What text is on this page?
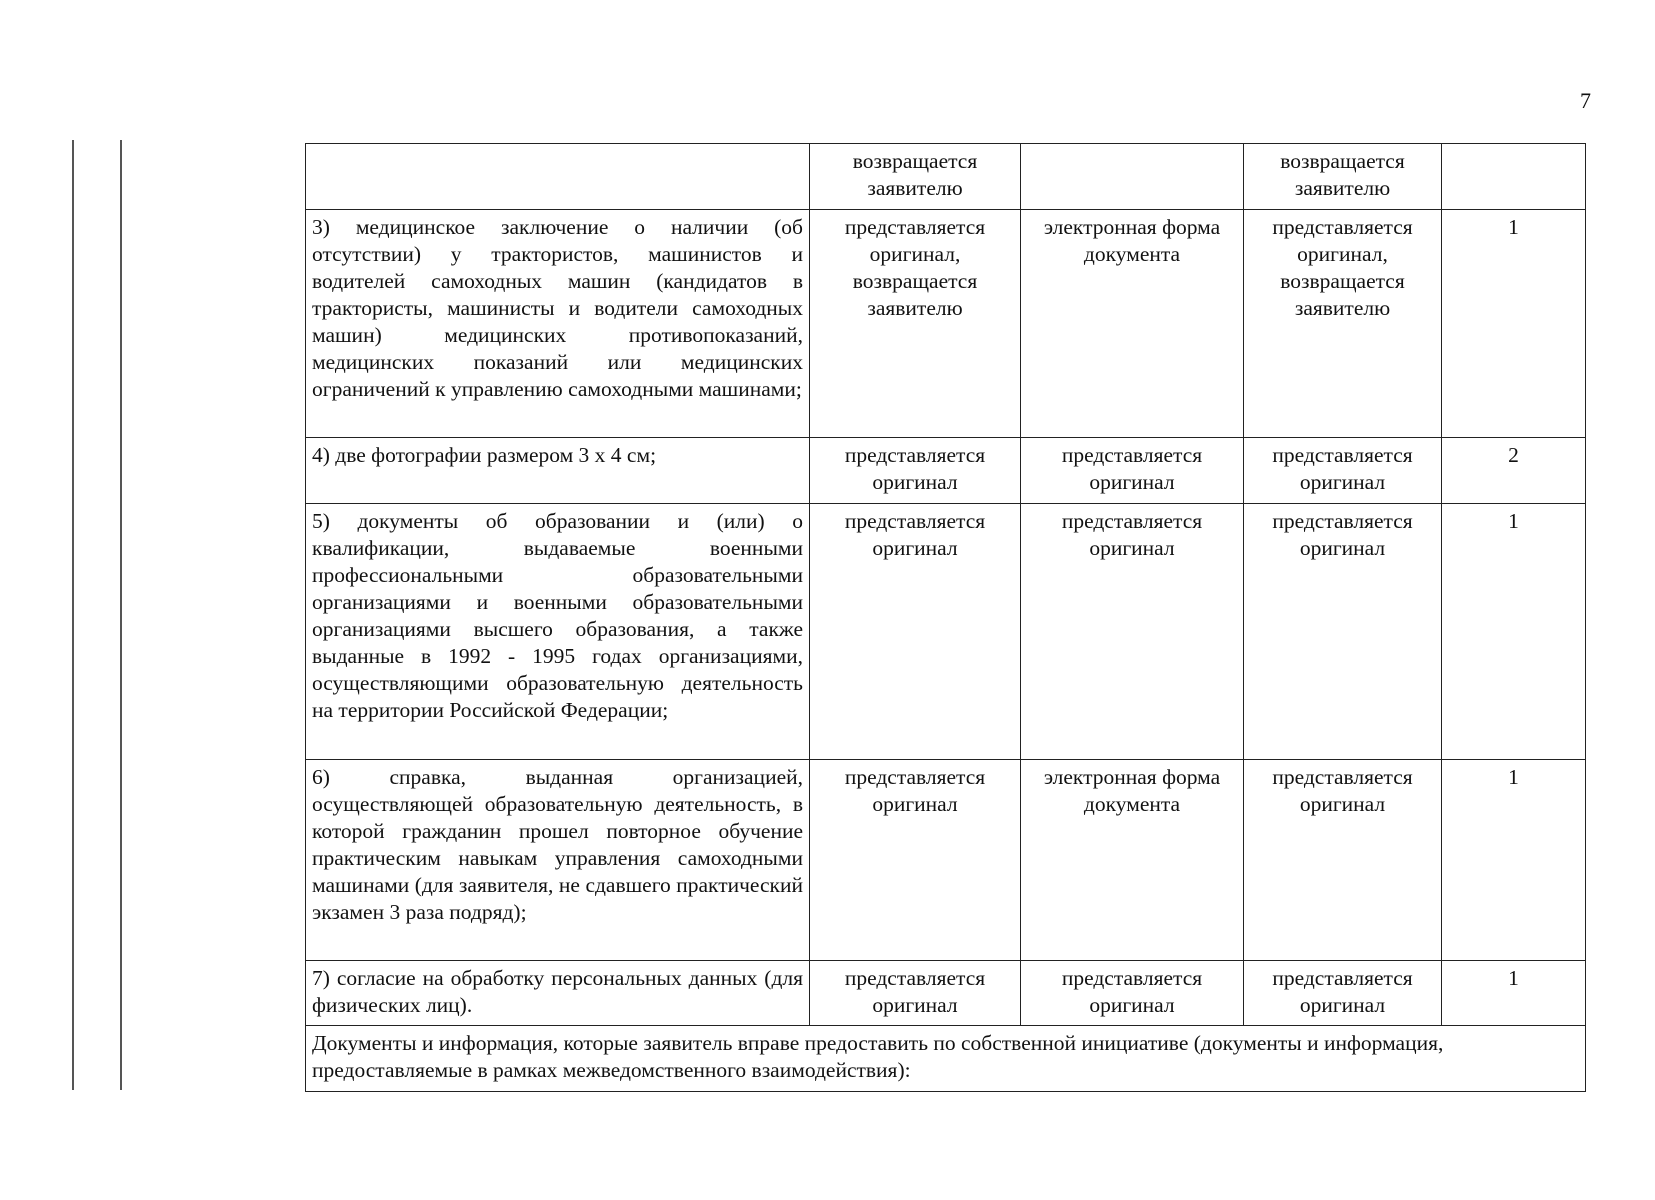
7
	возвращается заявителю		возвращается заявителю	
3) медицинское заключение о наличии (об отсутствии) у трактористов, машинистов и водителей самоходных машин (кандидатов в трактористы, машинисты и водители самоходных машин) медицинских противопоказаний, медицинских показаний или медицинских ограничений к управлению самоходными машинами;	представляется оригинал, возвращается заявителю	электронная форма документа	представляется оригинал, возвращается заявителю	1
4) две фотографии размером 3 х 4 см;	представляется оригинал	представляется оригинал	представляется оригинал	2
5) документы об образовании и (или) о квалификации, выдаваемые военными профессиональными образовательными организациями и военными образовательными организациями высшего образования, а также выданные в 1992 - 1995 годах организациями, осуществляющими образовательную деятельность на территории Российской Федерации;	представляется оригинал	представляется оригинал	представляется оригинал	1
6) справка, выданная организацией, осуществляющей образовательную деятельность, в которой гражданин прошел повторное обучение практическим навыкам управления самоходными машинами (для заявителя, не сдавшего практический экзамен 3 раза подряд);	представляется оригинал	электронная форма документа	представляется оригинал	1
7) согласие на обработку персональных данных (для физических лиц).	представляется оригинал	представляется оригинал	представляется оригинал	1
Документы и информация, которые заявитель вправе предоставить по собственной инициативе (документы и информация, предоставляемые в рамках межведомственного взаимодействия):				
